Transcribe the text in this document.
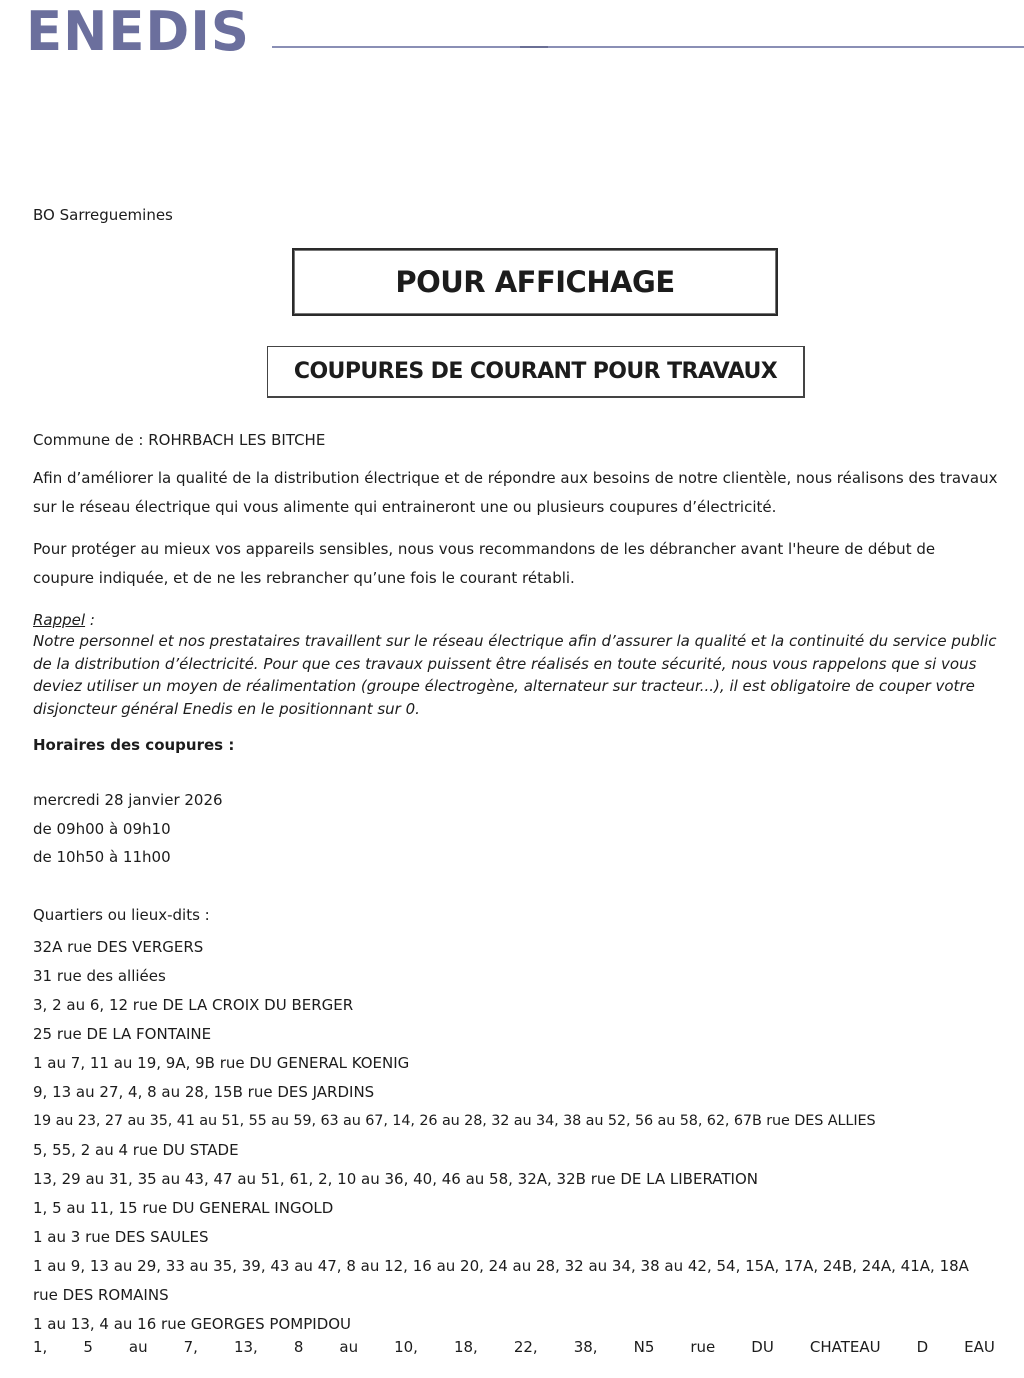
ENEDIS
BO Sarreguemines
POUR AFFICHAGE
COUPURES DE COURANT POUR TRAVAUX
Commune de : ROHRBACH LES BITCHE
Afin d’améliorer la qualité de la distribution électrique et de répondre aux besoins de notre clientèle, nous réalisons des travaux sur le réseau électrique qui vous alimente qui entraineront une ou plusieurs coupures d’électricité.
Pour protéger au mieux vos appareils sensibles, nous vous recommandons de les débrancher avant l'heure de début de coupure indiquée, et de ne les rebrancher qu’une fois le courant rétabli.
Rappel :
Notre personnel et nos prestataires travaillent sur le réseau électrique afin d’assurer la qualité et la continuité du service public de la distribution d’électricité. Pour que ces travaux puissent être réalisés en toute sécurité, nous vous rappelons que si vous deviez utiliser un moyen de réalimentation (groupe électrogène, alternateur sur tracteur...), il est obligatoire de couper votre disjoncteur général Enedis en le positionnant sur 0.
Horaires des coupures :
mercredi 28 janvier 2026
de 09h00 à 09h10
de 10h50 à 11h00
Quartiers ou lieux-dits :
32A rue DES VERGERS
31 rue des alliées
3, 2 au 6, 12 rue DE LA CROIX DU BERGER
25 rue DE LA FONTAINE
1 au 7, 11 au 19, 9A, 9B rue DU GENERAL KOENIG
9, 13 au 27, 4, 8 au 28, 15B rue DES JARDINS
19 au 23, 27 au 35, 41 au 51, 55 au 59, 63 au 67, 14, 26 au 28, 32 au 34, 38 au 52, 56 au 58, 62, 67B rue DES ALLIES
5, 55, 2 au 4 rue DU STADE
13, 29 au 31, 35 au 43, 47 au 51, 61, 2, 10 au 36, 40, 46 au 58, 32A, 32B rue DE LA LIBERATION
1, 5 au 11, 15 rue DU GENERAL INGOLD
1 au 3 rue DES SAULES
1 au 9, 13 au 29, 33 au 35, 39, 43 au 47, 8 au 12, 16 au 20, 24 au 28, 32 au 34, 38 au 42, 54, 15A, 17A, 24B, 24A, 41A, 18A rue DES ROMAINS
1 au 13, 4 au 16 rue GEORGES POMPIDOU
1, 5 au 7, 13, 8 au 10, 18, 22, 38, N5 rue DU CHATEAU D EAU
